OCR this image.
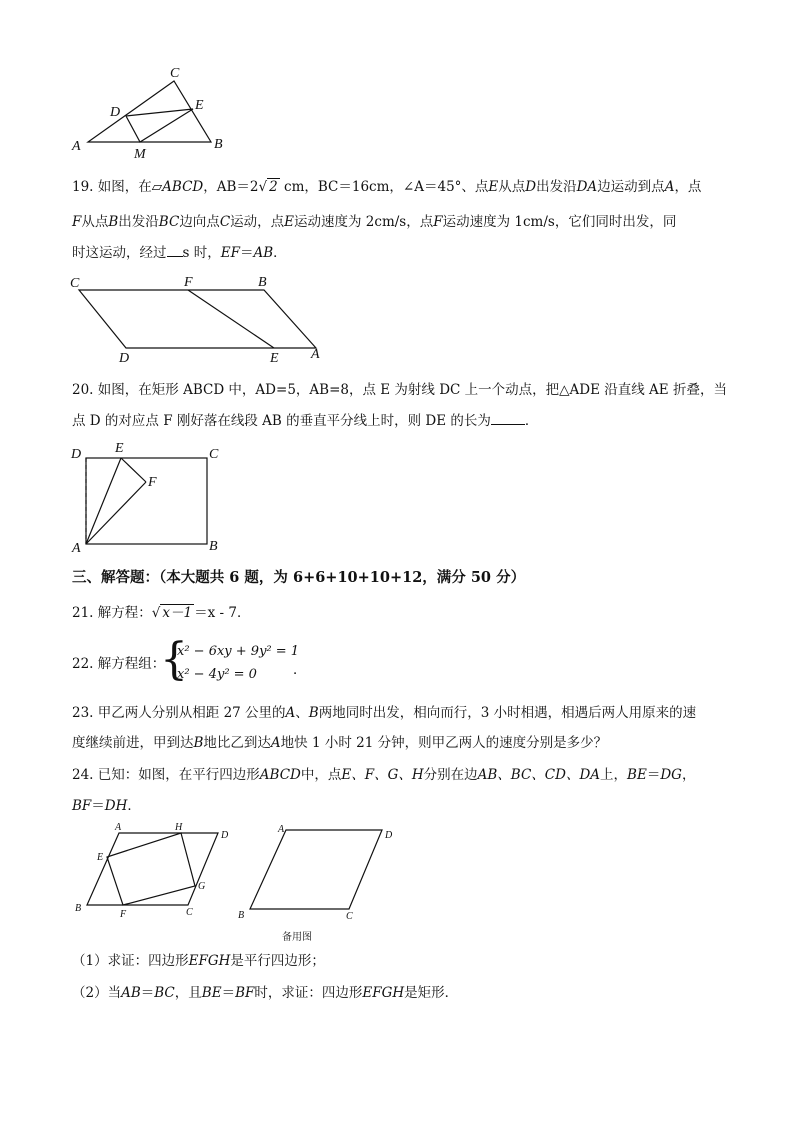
A	B
C
D	E
M
19. 如图，在▱ABCD，AB＝2√ 2 cm，BC＝16cm，∠A＝45°、点E从点D出发沿DA边运动到点A，点
F从点B出发沿BC边向点C运动，点E运动速度为 2cm/s，点F运动速度为 1cm/s，它们同时出发，同
时这运动，经过 s 时，EF＝AB．
C	F	B
D	E A
20. 如图，在矩形 ABCD 中，AD=5，AB=8，点 E 为射线 DC 上一个动点，把△ADE 沿直线 AE 折叠，当
点 D 的对应点 F 刚好落在线段 AB 的垂直平分线上时，则 DE 的长为	．
D E	C
F
A	B
三、解答题：（本大题共 6 题，为 6+6+10+10+12，满分 50 分）
21. 解方程：√ x－1 ＝x - 7．
22. 解方程组：
{
x² − 6xy + 9y² = 1
x² − 4y² = 0	．
23. 甲乙两人分别从相距 27 公里的A、B两地同时出发，相向而行，3 小时相遇，相遇后两人用原来的速
度继续前进，甲到达B地比乙到达A地快 1 小时 21 分钟，则甲乙两人的速度分别是多少？
24. 已知：如图，在平行四边形ABCD中，点E、F、G、H分别在边AB、BC、CD、DA上，BE＝DG，
BF＝DH．
A	H
D
E
G
B
F	C
A
D
B	C
备用图
（1）求证：四边形EFGH是平行四边形；
（2）当AB＝BC，且BE＝BF时，求证：四边形EFGH是矩形．
